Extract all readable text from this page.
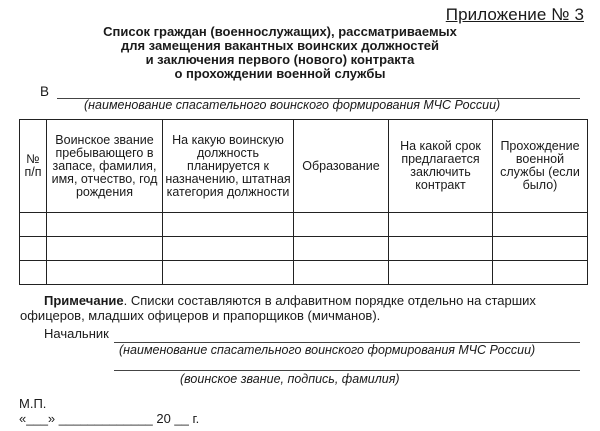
Приложение № 3
Список граждан (военнослужащих), рассматриваемых
для замещения вакантных воинских должностей
и заключения первого (нового) контракта
о прохождении военной службы
В
(наименование спасательного воинского формирования МЧС России)
№ п/п	Воинское звание пребывающего в запасе, фамилия, имя, отчество, год рождения	На какую воинскую должность планируется к назначению, штатная категория должности	Образование	На какой срок предлагается заключить контракт	Прохождение военной службы (если было)

Примечание. Списки составляются в алфавитном порядке отдельно на старших офицеров, младших офицеров и прапорщиков (мичманов).
Начальник
(наименование спасательного воинского формирования МЧС России)
(воинское звание, подпись, фамилия)
М.П.
«___» _____________ 20 __ г.
